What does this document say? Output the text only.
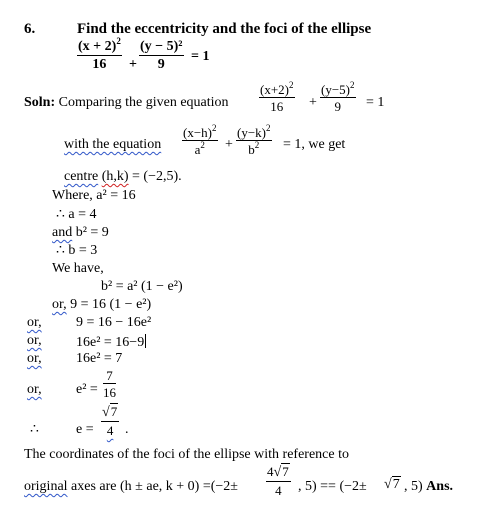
6.	Find the eccentricity and the foci of the ellipse
$\frac{(x + 2)^2}{16} + \frac{\text{(y − 5)²}}{9} = 1$
Soln: Comparing the given equation $\frac{(x+2)^2}{16} + \frac{(y-5)^2}{9} = 1$
with the equation $\frac{(x-h)^2}{a^2} + \frac{(y-k)^2}{b^2} = 1$, we get
centre (h,k) = (−2,5).
Where, a² = 16
∴ a = 4
and b² = 9
∴ b = 3
We have,
b² = a² (1 − e²)
or, 9 = 16 (1 − e²)
or, 9 = 16 − 16e²
or, 16e² = 16−9
or, 16e² = 7
or, $e^2 = \frac{7}{16}$
∴	$e = \frac{√7}{4}$ .
The coordinates of the foci of the ellipse with reference to
original axes are (h ± ae, $k + 0) =(-2\pm \frac{4√7}{4}$ , 5) == (−2± √7 , 5) Ans.
